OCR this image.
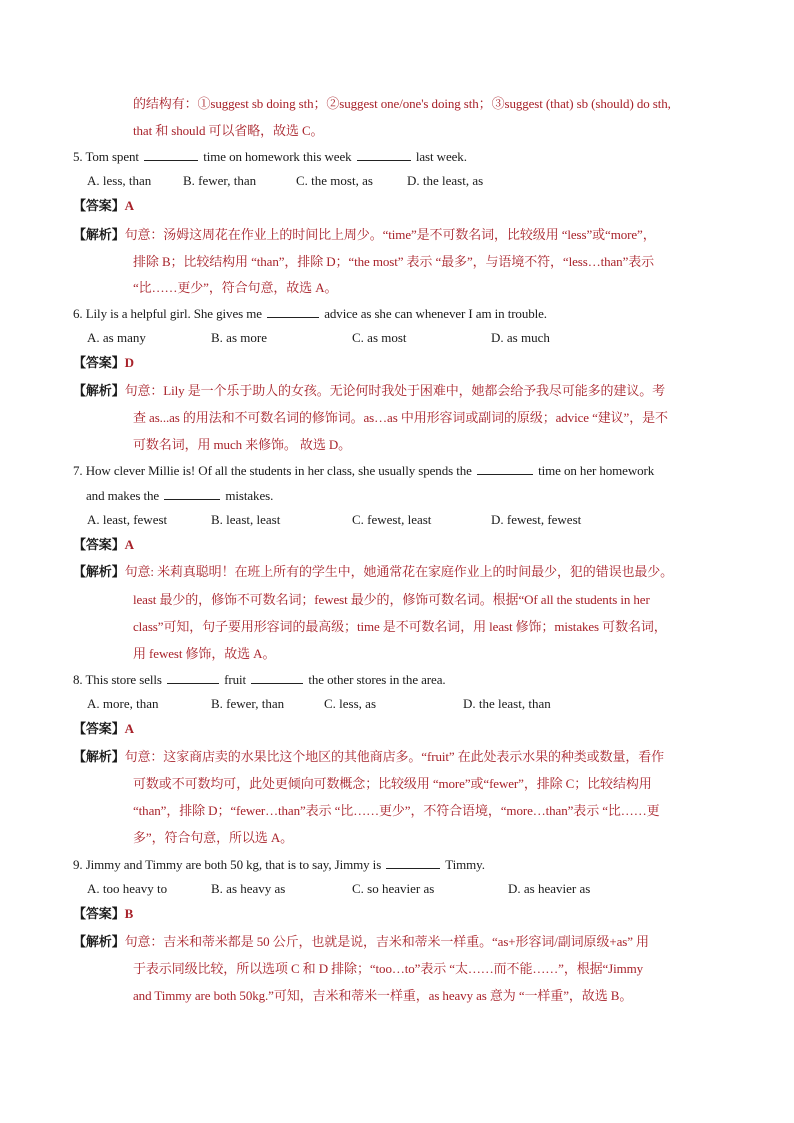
的结构有：①suggest sb doing sth；②suggest one/one's doing sth；③suggest (that) sb (should) do sth,
that 和 should 可以省略，故选 C。
5. Tom spent	time on homework this week	last week.
A. less, than B. fewer, than	C. the most, as	D. the least, as
【答案】A
【解析】句意：汤姆这周花在作业上的时间比上周少。“time”是不可数名词，比较级用 “less”或“more”，
排除 B；比较结构用 “than”，排除 D；“the most” 表示 “最多”，与语境不符，“less…than”表示
“比……更少”，符合句意，故选 A。
6. Lily is a helpful girl. She gives me	advice as she can whenever I am in trouble.
A. as many	B. as more	C. as most	D. as much
【答案】D
【解析】句意：Lily 是一个乐于助人的女孩。无论何时我处于困难中，她都会给予我尽可能多的建议。考
查 as...as 的用法和不可数名词的修饰词。as…as 中用形容词或副词的原级；advice “建议”，是不
可数名词，用 much 来修饰。 故选 D。
7. How clever Millie is! Of all the students in her class, she usually spends the	time on her homework
and makes the	mistakes.
A. least, fewest	B. least, least	C. fewest, least	D. fewest, fewest
【答案】A
【解析】句意: 米莉真聪明！在班上所有的学生中，她通常花在家庭作业上的时间最少，犯的错误也最少。
least 最少的，修饰不可数名词；fewest 最少的，修饰可数名词。根据“Of all the students in her
class”可知，句子要用形容词的最高级；time 是不可数名词，用 least 修饰；mistakes 可数名词，
用 fewest 修饰，故选 A。
8. This store sells	fruit	the other stores in the area.
A. more, than	B. fewer, than	C. less, as	D. the least, than
【答案】A
【解析】句意：这家商店卖的水果比这个地区的其他商店多。“fruit” 在此处表示水果的种类或数量，看作
可数或不可数均可，此处更倾向可数概念；比较级用 “more”或“fewer”，排除 C；比较结构用
“than”，排除 D；“fewer…than”表示 “比……更少”，不符合语境，“more…than”表示 “比……更
多”，符合句意，所以选 A。
9. Jimmy and Timmy are both 50 kg, that is to say, Jimmy is	Timmy.
A. too heavy to	B. as heavy as	C. so heavier as	D. as heavier as
【答案】B
【解析】句意：吉米和蒂米都是 50 公斤，也就是说，吉米和蒂米一样重。“as+形容词/副词原级+as” 用
于表示同级比较，所以选项 C 和 D 排除；“too…to”表示 “太……而不能……”，根据“Jimmy
and Timmy are both 50kg.”可知，吉米和蒂米一样重，as heavy as 意为 “一样重”，故选 B。
